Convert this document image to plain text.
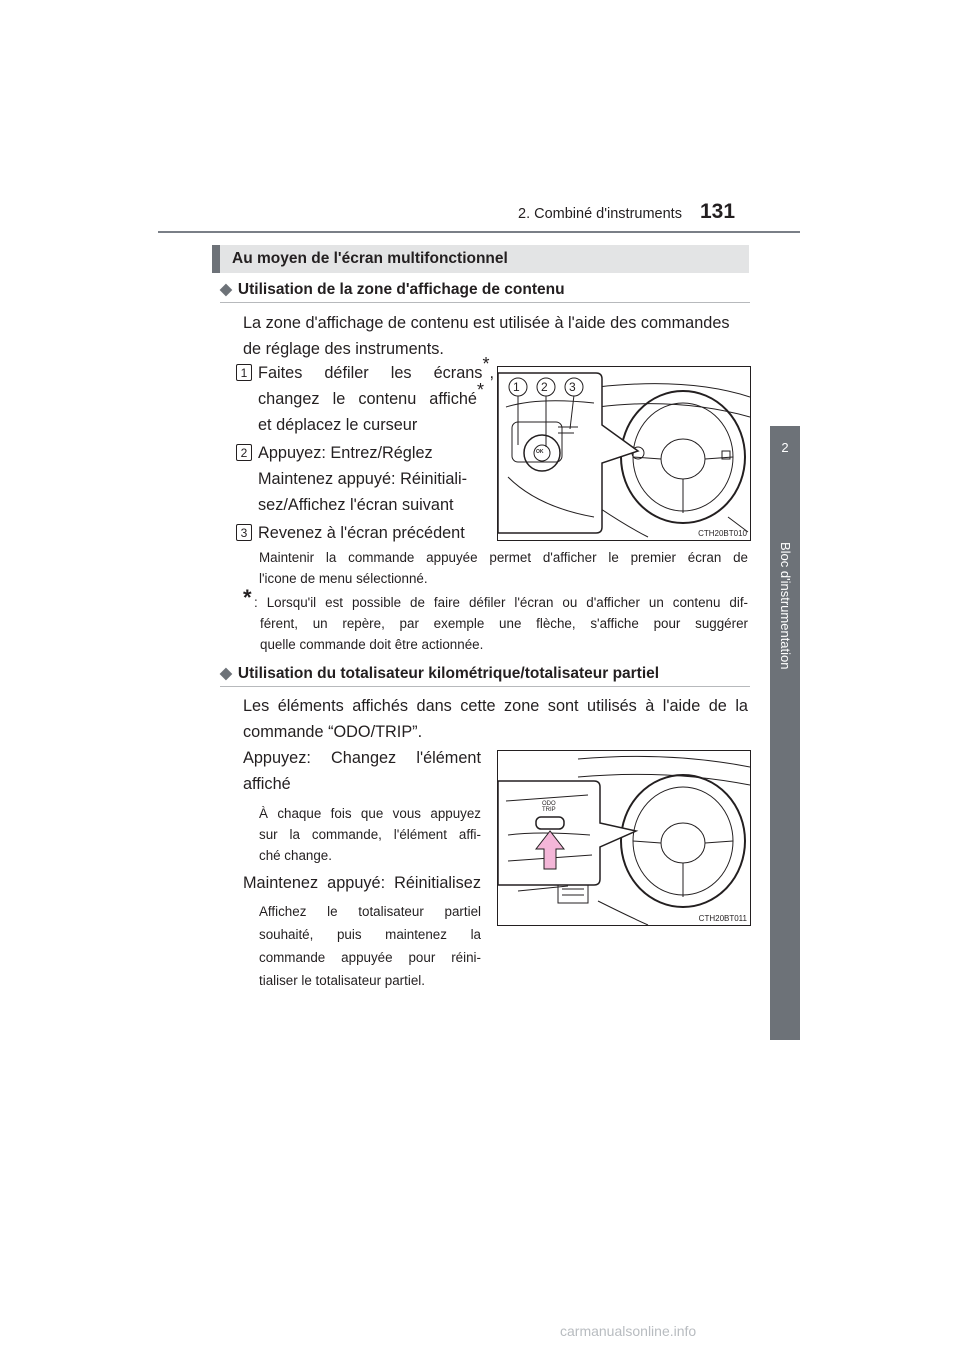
2. Combiné d'instruments 131
2
Bloc d'instrumentation
Au moyen de l'écran multifonctionnel
◆ Utilisation de la zone d'affichage de contenu
La zone d'affichage de contenu est utilisée à l'aide des commandes
de réglage des instruments.
1 Faites défiler les écrans*,
changez le contenu affiché*
et déplacez le curseur
2 Appuyez: Entrez/Réglez
Maintenez appuyé: Réinitiali-
sez/Affichez l'écran suivant
3 Revenez à l'écran précédent
1 2 3
OK
CTH20BT010
Maintenir la commande appuyée permet d'afficher le premier écran de
l'icone de menu sélectionné.
* : Lorsqu'il est possible de faire défiler l'écran ou d'afficher un contenu dif-
férent, un repère, par exemple une flèche, s'affiche pour suggérer
quelle commande doit être actionnée.
◆ Utilisation du totalisateur kilométrique/totalisateur partiel
Les éléments affichés dans cette zone sont utilisés à l'aide de la
commande “ODO/TRIP”.
Appuyez: Changez l'élément
affiché
À chaque fois que vous appuyez
sur la commande, l'élément affi-
ché change.
Maintenez appuyé: Réinitialisez
Affichez le totalisateur partiel
souhaité, puis maintenez la
commande appuyée pour réini-
tialiser le totalisateur partiel.
ODO
TRIP
CTH20BT011
carmanualsonline.info
